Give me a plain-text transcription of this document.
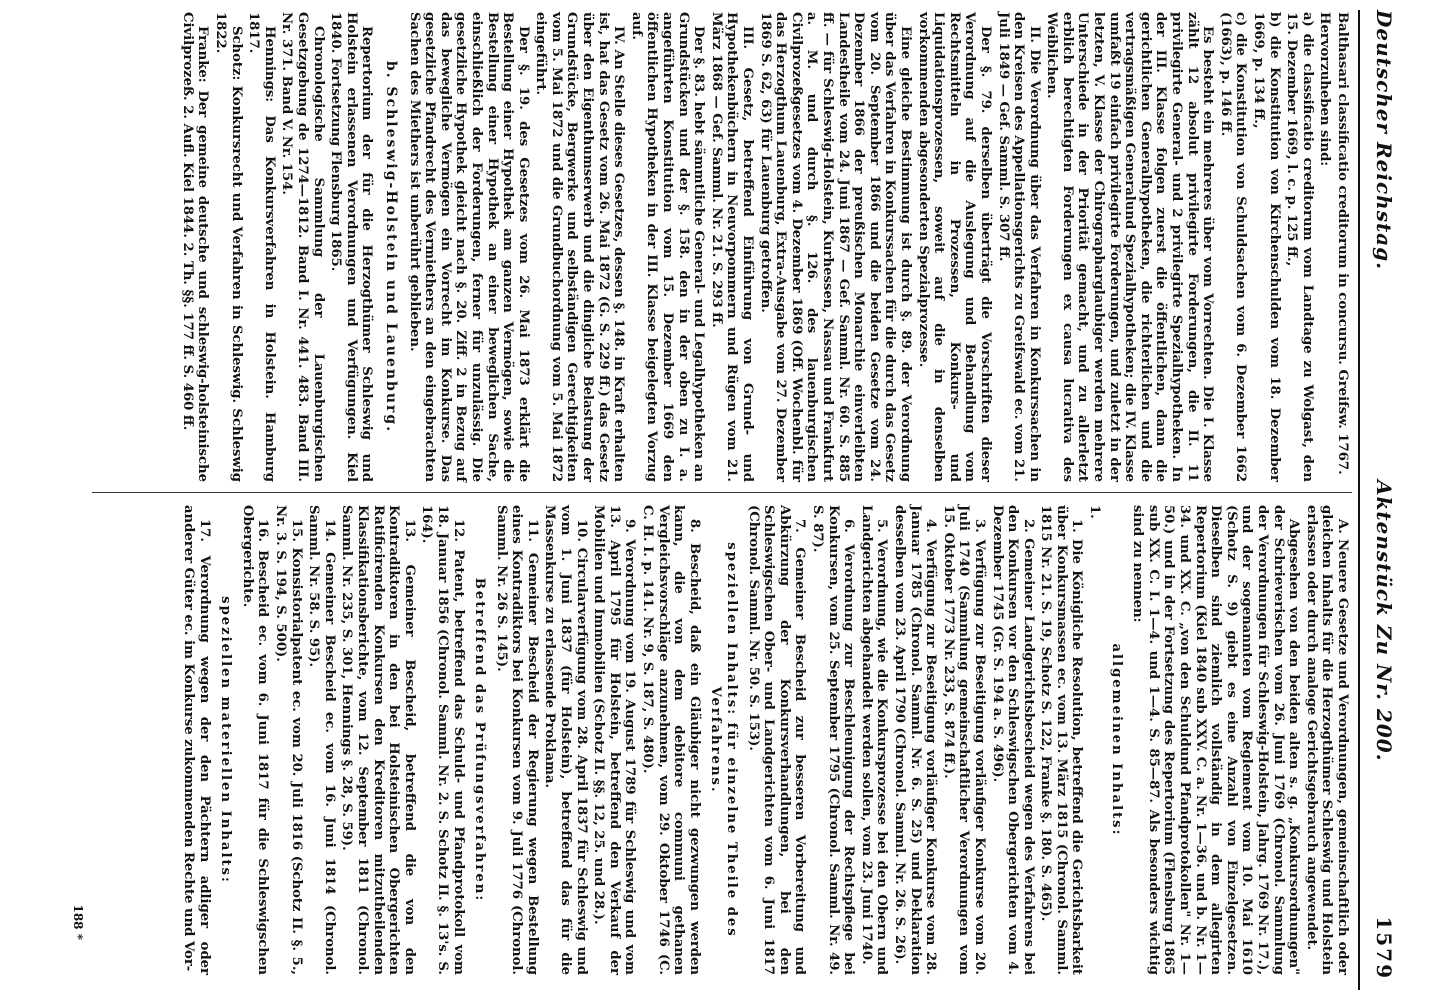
Deutscher Reichstag.
Aktenstück Zu Nr. 200.
1579

Balthasari classificatio creditorum in concursu. Greifsw. 1767.

Hervorzuheben sind:

a) die classificatio creditorum vom Landtage zu Wolgast, den 15. Dezember 1669, l. c. p. 125 ff.,

b) die Konstitution von Kirchenschulden vom 18. Dezember 1669, p. 134 ff.,

c) die Konstitution von Schuldsachen vom 6. Dezember 1662 (1663), p. 146 ff.

Es besteht ein mehreres über vom Vorrechten. Die I. Klasse zählt 12 absolut privilegirte Forderungen, die II. 11 privilegirte General- und 2 privilegirte Spezialhypotheken. In der III. Klasse folgen zuerst die öffentlichen, dann die gerichtlichen Generalhypotheken, die richterlichen und die vertragsmäßigen Generalund Spezialhypotheken; die IV. Klasse umfaßt 19 einfach privilegirte Forderungen, und zuletzt in der letzten, V. Klasse der Chirographarglaubiger werden mehrere Unterschiede in der Priorität gemacht, und zu allerletzt erblich berechtigten Forderungen ex causa lucrativa des Weiblichen.

II. Die Verordnung über das Verfahren in Konkurssachen in den Kreisen des Appellationsgerichts zu Greifswald ec. vom 21. Juli 1849 — Gef. Samml. S. 307 ff.

Der §. 79. derselben überträgt die Vorschriften dieser Verordnung auf die Auslegung und Behandlung vom Rechtsmitteln in Prozessen, Konkurs- und Liquidationsprozessen, soweit auf die in denselben vorkommenden abgesonderten Spezialprozesse.

Eine gleiche Bestimmung ist durch §. 89. der Verordnung über das Verfahren in Konkurssachen für die durch das Gesetz vom 20. September 1866 und die beiden Gesetze vom 24. Dezember 1866 der preußischen Monarchie einverleibten Landestheile vom 24. Juni 1867 — Gef. Samml. Nr. 60. S. 885 ff. — für Schleswig-Holstein, Kurhessen, Nassau und Frankfurt a. M. und durch §. 126. des lauenburgischen Civilprozeßgesetzes vom 4. Dezember 1869 (Off. Wochenbl. für das Herzogthum Lauenburg, Extra-Ausgabe vom 27. Dezember 1869 S. 62, 63) für Lauenburg getroffen.

III. Gesetz, betreffend Einführung von Grund- und Hypothekenbüchern in Neuvorpommern und Rügen vom 21. März 1868 — Gef. Samml. Nr. 21. S. 293 ff.

Der §. 83. hebt sämmtliche General- und Legalhypotheken an Grundstücken und der §. 158. den in der oben zu I. a. angeführten Konstitution vom 15. Dezember 1669 den öffentlichen Hypotheken in der III. Klasse beigelegten Vorzug auf.

IV. An Stelle dieses Gesetzes, dessen §. 148. in Kraft erhalten ist, hat das Gesetz vom 26. Mai 1872 (G. S. 229 ff.) das Gesetz über den Eigenthumserwerb und die dingliche Belastung der Grundstücke, Bergwerke und selbständigen Gerechtigkeiten vom 5. Mai 1872 und die Grundbuchordnung vom 5. Mai 1872 eingeführt.

Der §. 19. des Gesetzes vom 26. Mai 1873 erklärt die Bestellung einer Hypothek am ganzen Vermögen, sowie die Bestellung einer Hypothek an einer beweglichen Sache, einschließlich der Forderungen, ferner für unzulässig. Die gesetzliche Hypothek gleicht nach §. 20. Ziff. 2 in Bezug auf das bewegliche Vermögen ein Vorrecht im Konkurse. Das gesetzliche Pfandrecht des Vermiethers an den eingebrachten Sachen des Miethers ist unberührt geblieben.

b. Schleswig-Holstein und Lauenburg.

Repertorium der für die Herzogthümer Schleswig und Holstein erlassenen Verordnungen und Verfügungen. Kiel 1840. Fortsetzung Flensburg 1865.

Chronologische Sammlung der Lauenburgischen Gesetzgebung de 1274—1812. Band I. Nr. 441. 483. Band III. Nr. 371. Band V. Nr. 154.

Hennings: Das Konkursverfahren in Holstein. Hamburg 1817.

Schotz: Konkursrecht und Verfahren in Schleswig. Schleswig 1822.

Franke: Der gemeine deutsche und schleswig-holsteinische Civilprozeß. 2. Aufl. Kiel 1844. 2. Th. §§. 177 ff. S. 460 ff.

A. Neuere Gesetze und Verordnungen, gemeinschaftlich oder gleichen Inhalts für die Herzogthümer Schleswig und Holstein erlassen oder durch analoge Gerichtsgebrauch angewendet.

Abgesehen von den beiden alten s. g. „Konkursordnungen" der Schrieverischen vom 26. Juni 1769 (Chronol. Sammlung der Verordnungen für Schleswig-Holstein, Jahrg. 1769 Nr. 17.), und der sogenannten vom Reglement vom 10. Mai 1610 (Schotz S. 9) giebt es eine Anzahl von Einzelgesetzen. Dieselben sind ziemlich vollständig in dem allegirten Repertorium (Kiel 1840 sub XXV. C. a. Nr. 1—36. und b. Nr. 1—34. und XX. C. „von den Schuldund Pfandprotokollen" Nr. 1—50.) und in der Fortsetzung des Repertorium (Flensburg 1865 sub XX. C. I. 1—4. und 1—4. S. 85—87. Als besonders wichtig sind zu nennen:

allgemeinen Inhalts:

1.

1. Die Königliche Resolution, betreffend die Gerichtsbarkeit über Konkursmassen ec. vom 13. März 1815 (Chronol. Samml. 1815 Nr. 21. S. 19, Schotz S. 122, Franke §. 180. S. 465).

2. Gemeiner Landgerichtsbescheid wegen des Verfahrens bei den Konkursen vor den Schleswigschen Obergerichten vom 4. Dezember 1745 (Gr. S. 194 a. S. 496).

3. Verfügung zur Beseitigung vorläufiger Konkurse vom 20. Juli 1740 (Sammlung gemeinschaftlicher Verordnungen vom 15. Oktober 1773 Nr. 233, S. 874 ff.).

4. Verfügung zur Beseitigung vorläufiger Konkurse vom 28. Januar 1785 (Chronol. Samml. Nr. 6. S. 25) und Deklaration desselben vom 23. April 1790 (Chronol. Samml. Nr. 26. S. 26).

5. Verordnung, wie die Konkursprozesse bei den Obern und Landgerichten abgehandelt werden sollen, vom 23. Juni 1740.

6. Verordnung zur Beschleunigung der Rechtspflege bei Konkursen, vom 25. September 1795 (Chronol. Samml. Nr. 49. S. 87).

7. Gemeiner Bescheid zur besseren Vorbereitung und Abkürzung der Konkursverhandlungen, bei den Schleswigschen Ober- und Landgerichten vom 6. Juni 1817 (Chronol. Samml. Nr. 50. S. 153).

speziellen Inhalts: für einzelne Theile des Verfahrens.

8. Bescheid, daß ein Gläubiger nicht gezwungen werden kann, die von dem debitore communi gethanen Vergleichsvorschläge anzunehmen, vom 29. Oktober 1746 (C. C. H. I. p. 141. Nr. 9, S. 187, S. 480).

9. Verordnung vom 19. August 1789 für Schleswig und vom 13. April 1795 für Holstein, betreffend den Verkauf der Mobilien und Immobilien (Schotz II. §§. 12, 25. und 28.).

10. Circularverfügung vom 28. April 1837 für Schleswig und vom 1. Juni 1837 (für Holstein), betreffend das für die Massenkurse zu erlassende Proklama.

11. Gemeiner Bescheid der Regierung wegen Bestellung eines Kontradiktors bei Konkursen vom 9. Juli 1776 (Chronol. Samml. Nr. 26 S. 145).

Betreffend das Prüfungsverfahren:

12. Patent, betreffend das Schuld- und Pfandprotokoll vom 18. Januar 1856 (Chronol. Samml. Nr. 2. S. Schotz II. §. 13's. S. 164).

13. Gemeiner Bescheid, betreffend die von den Kontradiktoren in den bei Holsteinischen Obergerichten Ratificirenden Konkursen den Kreditoren mitzutheilenden Klassifikationsberichte, vom 12. September 1811 (Chronol. Samml. Nr. 235, S. 301, Hennings §. 28, S. 59).

14. Gemeiner Bescheid ec. vom 16. Juni 1814 (Chronol. Samml. Nr. 58. S. 95).

15. Konsistorialpatent ec. vom 20. Juli 1816 (Schotz II. §. 5., Nr. 3. S. 194, S. 500).

16. Bescheid ec. vom 6. Juni 1817 für die Schleswigschen Obergerichte.

speziellen materiellen Inhalts:

17. Verordnung wegen der den Pächtern adliger oder anderer Güter ec. im Konkurse zukommenden Rechte und Vor-

188 *
